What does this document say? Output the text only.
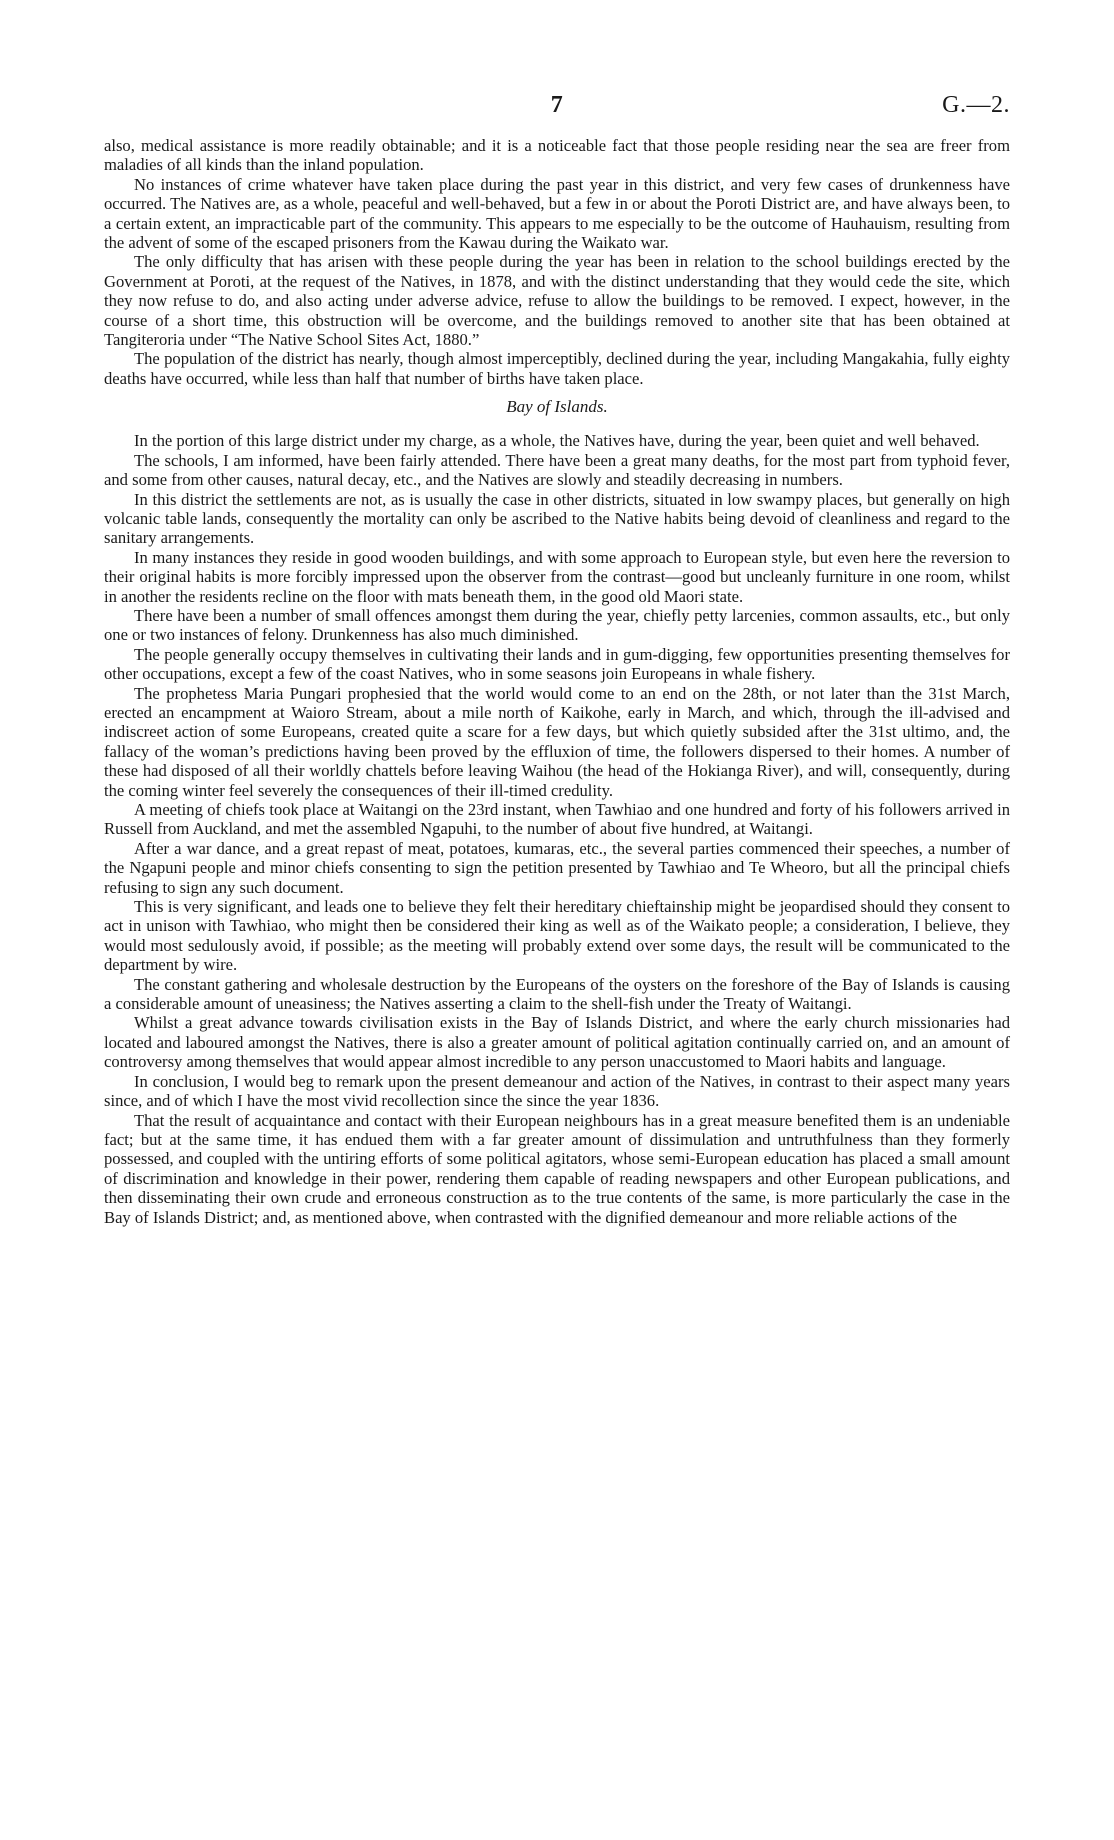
7	G.—2.

also, medical assistance is more readily obtainable; and it is a noticeable fact that those people residing near the sea are freer from maladies of all kinds than the inland population.

No instances of crime whatever have taken place during the past year in this district, and very few cases of drunkenness have occurred. The Natives are, as a whole, peaceful and well-behaved, but a few in or about the Poroti District are, and have always been, to a certain extent, an impracticable part of the community. This appears to me especially to be the outcome of Hauhauism, resulting from the advent of some of the escaped prisoners from the Kawau during the Waikato war.

The only difficulty that has arisen with these people during the year has been in relation to the school buildings erected by the Government at Poroti, at the request of the Natives, in 1878, and with the distinct understanding that they would cede the site, which they now refuse to do, and also acting under adverse advice, refuse to allow the buildings to be removed. I expect, however, in the course of a short time, this obstruction will be overcome, and the buildings removed to another site that has been obtained at Tangiteroria under “The Native School Sites Act, 1880.”

The population of the district has nearly, though almost imperceptibly, declined during the year, including Mangakahia, fully eighty deaths have occurred, while less than half that number of births have taken place.

Bay of Islands.

In the portion of this large district under my charge, as a whole, the Natives have, during the year, been quiet and well behaved.

The schools, I am informed, have been fairly attended. There have been a great many deaths, for the most part from typhoid fever, and some from other causes, natural decay, etc., and the Natives are slowly and steadily decreasing in numbers.

In this district the settlements are not, as is usually the case in other districts, situated in low swampy places, but generally on high volcanic table lands, consequently the mortality can only be ascribed to the Native habits being devoid of cleanliness and regard to the sanitary arrangements.

In many instances they reside in good wooden buildings, and with some approach to European style, but even here the reversion to their original habits is more forcibly impressed upon the observer from the contrast—good but uncleanly furniture in one room, whilst in another the residents recline on the floor with mats beneath them, in the good old Maori state.

There have been a number of small offences amongst them during the year, chiefly petty larcenies, common assaults, etc., but only one or two instances of felony. Drunkenness has also much diminished.

The people generally occupy themselves in cultivating their lands and in gum-digging, few opportunities presenting themselves for other occupations, except a few of the coast Natives, who in some seasons join Europeans in whale fishery.

The prophetess Maria Pungari prophesied that the world would come to an end on the 28th, or not later than the 31st March, erected an encampment at Waioro Stream, about a mile north of Kaikohe, early in March, and which, through the ill-advised and indiscreet action of some Europeans, created quite a scare for a few days, but which quietly subsided after the 31st ultimo, and, the fallacy of the woman’s predictions having been proved by the effluxion of time, the followers dispersed to their homes. A number of these had disposed of all their worldly chattels before leaving Waihou (the head of the Hokianga River), and will, consequently, during the coming winter feel severely the consequences of their ill-timed credulity.

A meeting of chiefs took place at Waitangi on the 23rd instant, when Tawhiao and one hundred and forty of his followers arrived in Russell from Auckland, and met the assembled Ngapuhi, to the number of about five hundred, at Waitangi.

After a war dance, and a great repast of meat, potatoes, kumaras, etc., the several parties commenced their speeches, a number of the Ngapuni people and minor chiefs consenting to sign the petition presented by Tawhiao and Te Wheoro, but all the principal chiefs refusing to sign any such document.

This is very significant, and leads one to believe they felt their hereditary chieftainship might be jeopardised should they consent to act in unison with Tawhiao, who might then be considered their king as well as of the Waikato people; a consideration, I believe, they would most sedulously avoid, if possible; as the meeting will probably extend over some days, the result will be communicated to the department by wire.

The constant gathering and wholesale destruction by the Europeans of the oysters on the foreshore of the Bay of Islands is causing a considerable amount of uneasiness; the Natives asserting a claim to the shell-fish under the Treaty of Waitangi.

Whilst a great advance towards civilisation exists in the Bay of Islands District, and where the early church missionaries had located and laboured amongst the Natives, there is also a greater amount of political agitation continually carried on, and an amount of controversy among themselves that would appear almost incredible to any person unaccustomed to Maori habits and language.

In conclusion, I would beg to remark upon the present demeanour and action of the Natives, in contrast to their aspect many years since, and of which I have the most vivid recollection since the since the year 1836.

That the result of acquaintance and contact with their European neighbours has in a great measure benefited them is an undeniable fact; but at the same time, it has endued them with a far greater amount of dissimulation and untruthfulness than they formerly possessed, and coupled with the untiring efforts of some political agitators, whose semi-European education has placed a small amount of discrimination and knowledge in their power, rendering them capable of reading newspapers and other European publications, and then disseminating their own crude and erroneous construction as to the true contents of the same, is more particularly the case in the Bay of Islands District; and, as mentioned above, when contrasted with the dignified demeanour and more reliable actions of the
